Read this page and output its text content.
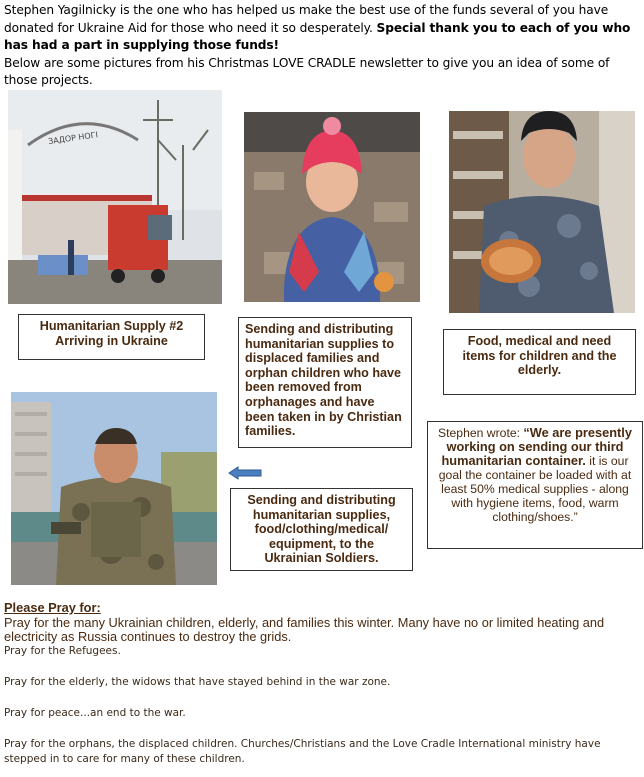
Stephen Yagilnicky is the one who has helped us make the best use of the funds several of you have donated for Ukraine Aid for those who need it so desperately. Special thank you to each of you who has had a part in supplying those funds!
Below are some pictures from his Christmas LOVE CRADLE newsletter to give you an idea of some of those projects.
ЗАДОР НОГІ
Humanitarian Supply #2 Arriving in Ukraine
Sending and distributing humanitarian supplies to displaced families and orphan children who have been removed from orphanages and have been taken in by Christian families.
Food, medical and need items for children and the elderly.
Stephen wrote: “We are presently working on sending our third humanitarian container. it is our goal the container be loaded with at least 50% medical supplies - along with hygiene items, food, warm clothing/shoes.”
Sending and distributing humanitarian supplies, food/clothing/medical/ equipment, to the Ukrainian Soldiers.
Please Pray for:
Pray for the many Ukrainian children, elderly, and families this winter. Many have no or limited heating and electricity as Russia continues to destroy the grids.
Pray for the Refugees.
Pray for the elderly, the widows that have stayed behind in the war zone.
Pray for peace...an end to the war.
Pray for the orphans, the displaced children. Churches/Christians and the Love Cradle International ministry have stepped in to care for many of these children.
